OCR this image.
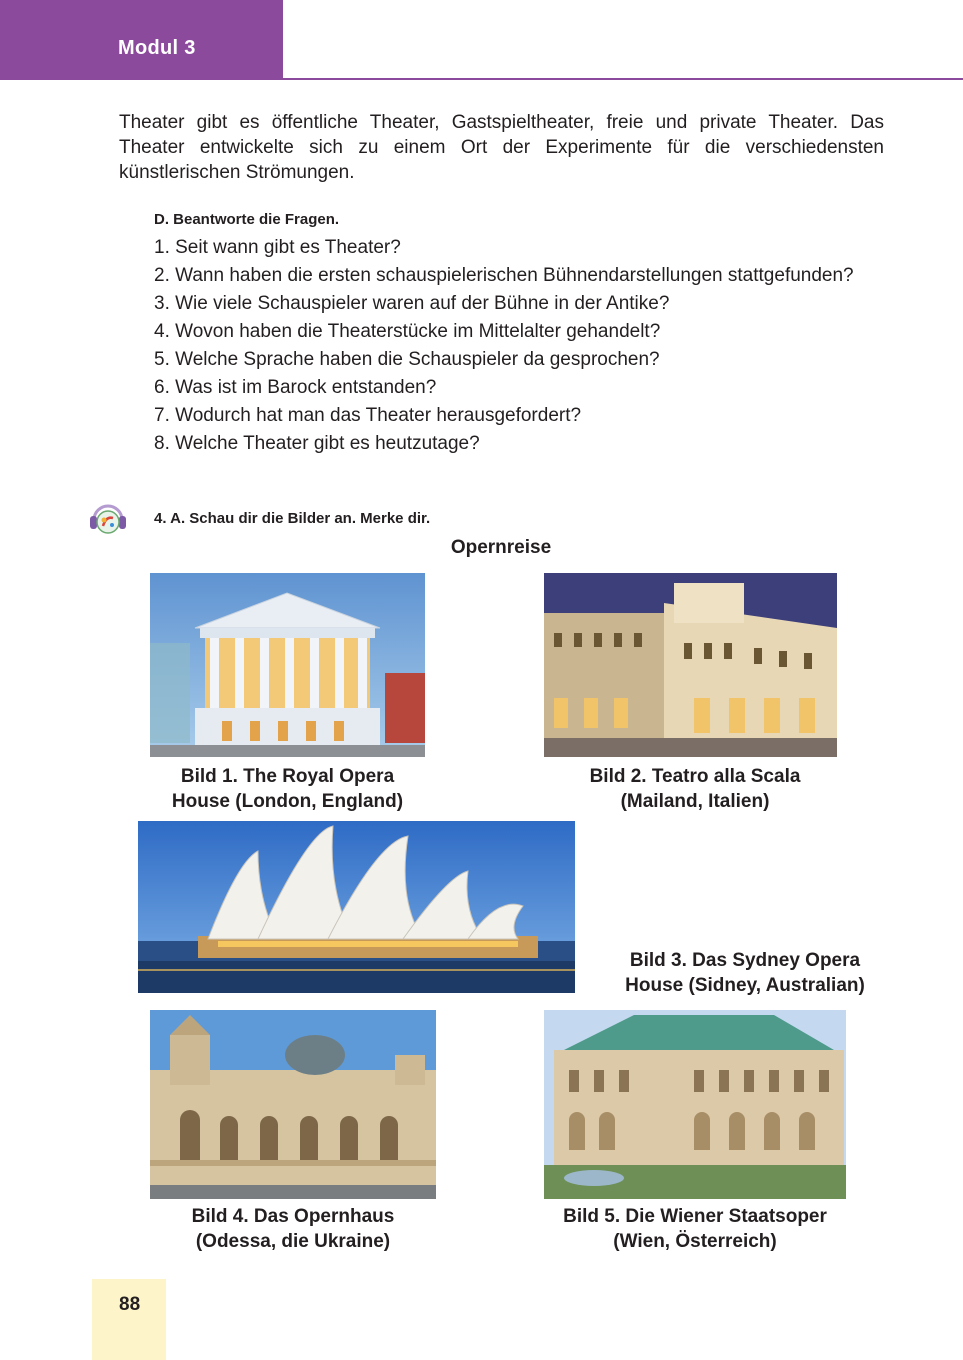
Modul 3

Theater gibt es öffentliche Theater, Gastspieltheater, freie und private Theater. Das Theater entwickelte sich zu einem Ort der Experimente für die verschiedensten künstlerischen Strömungen.

D. Beantworte die Fragen.
1. Seit wann gibt es Theater?
2. Wann haben die ersten schauspielerischen Bühnendarstellungen stattgefunden?
3. Wie viele Schauspieler waren auf der Bühne in der Antike?
4. Wovon haben die Theaterstücke im Mittelalter gehandelt?
5. Welche Sprache haben die Schauspieler da gesprochen?
6. Was ist im Barock entstanden?
7. Wodurch hat man das Theater herausgefordert?
8. Welche Theater gibt es heutzutage?
4. A. Schau dir die Bilder an. Merke dir.
Opernreise
Bild 1. The Royal Opera
House (London, England)
Bild 2. Teatro alla Scala
(Mailand, Italien)
Bild 3. Das Sydney Opera
House (Sidney, Australian)
Bild 4. Das Opernhaus
(Odessa, die Ukraine)
Bild 5. Die Wiener Staatsoper
(Wien, Österreich)
88
